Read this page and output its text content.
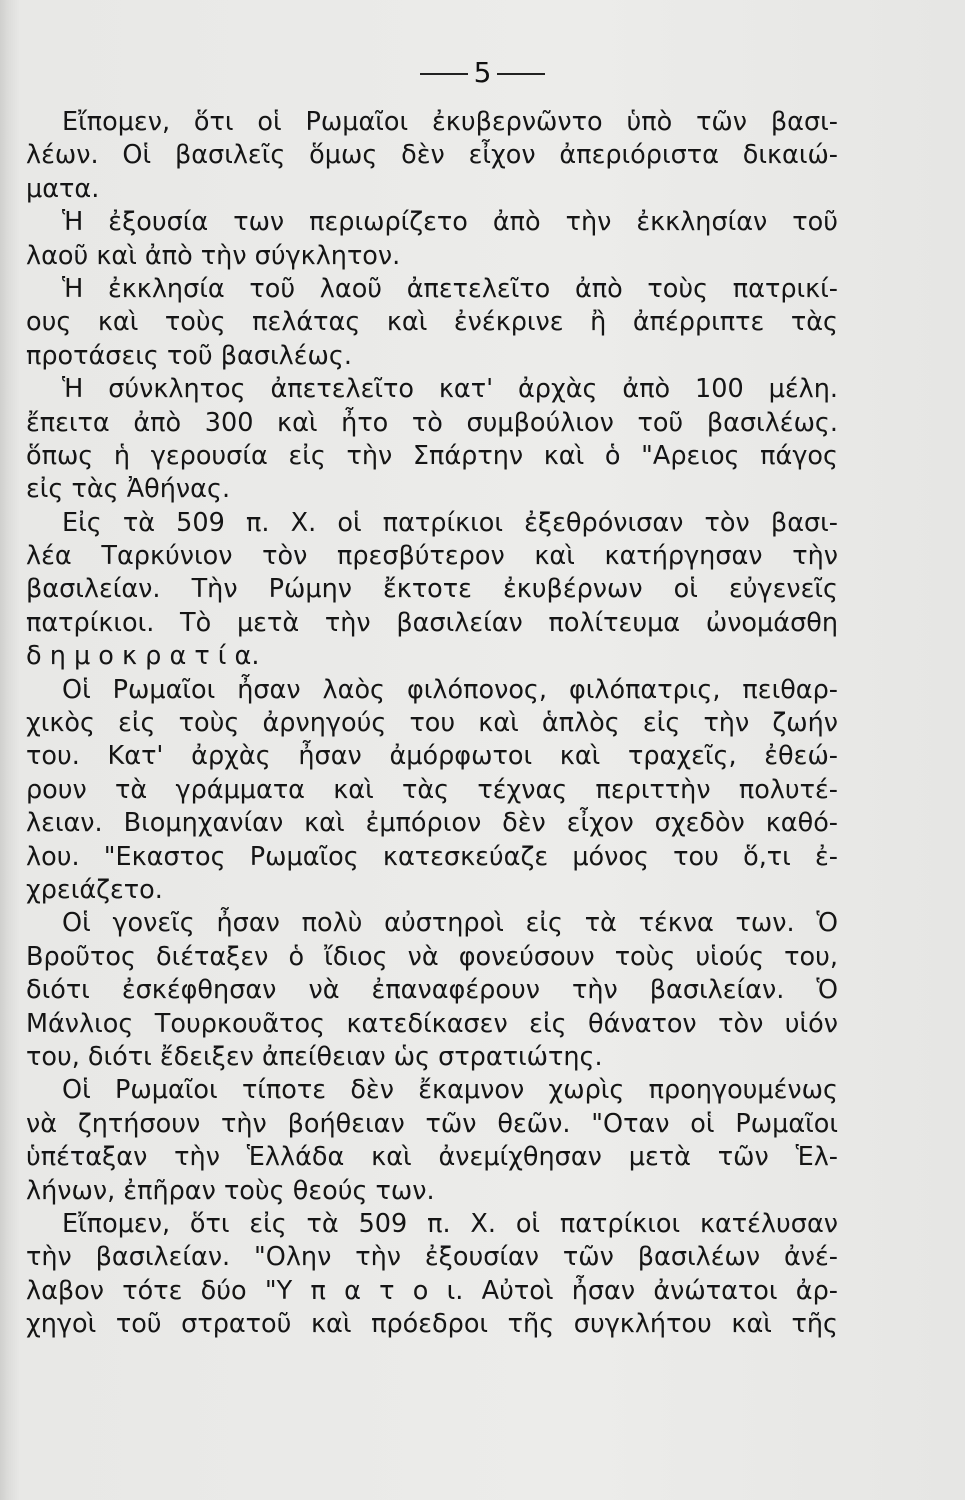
5
Εἴπομεν, ὅτι οἱ Ρωμαῖοι ἐκυβερνῶντο ὑπὸ τῶν βασι-
λέων. Οἱ βασιλεῖς ὅμως δὲν εἶχον ἀπεριόριστα δικαιώ-
ματα.
Ἡ ἐξουσία των περιωρίζετο ἀπὸ τὴν ἐκκλησίαν τοῦ
λαοῦ καὶ ἀπὸ τὴν σύγκλητον.
Ἡ ἐκκλησία τοῦ λαοῦ ἀπετελεῖτο ἀπὸ τοὺς πατρικί-
ους καὶ τοὺς πελάτας καὶ ἐνέκρινε ἢ ἀπέρριπτε τὰς
προτάσεις τοῦ βασιλέως.
Ἡ σύνκλητος ἀπετελεῖτο κατ' ἀρχὰς ἀπὸ 100 μέλη.
ἔπειτα ἀπὸ 300 καὶ ἦτο τὸ συμβούλιον τοῦ βασιλέως.
ὅπως ἡ γερουσία εἰς τὴν Σπάρτην καὶ ὁ "Αρειος πάγος
εἰς τὰς Ἀθήνας.
Εἰς τὰ 509 π. Χ. οἱ πατρίκιοι ἐξεθρόνισαν τὸν βασι-
λέα Ταρκύνιον τὸν πρεσβύτερον καὶ κατήργησαν τὴν
βασιλείαν. Τὴν Ρώμην ἔκτοτε ἐκυβέρνων οἱ εὐγενεῖς
πατρίκιοι. Τὸ μετὰ τὴν βασιλείαν πολίτευμα ὠνομάσθη
δ η μ ο κ ρ α τ ί α.
Οἱ Ρωμαῖοι ἦσαν λαὸς φιλόπονος, φιλόπατρις, πειθαρ-
χικὸς εἰς τοὺς ἀρνηγούς του καὶ ἁπλὸς εἰς τὴν ζωήν
του. Κατ' ἀρχὰς ἦσαν ἀμόρφωτοι καὶ τραχεῖς, ἐθεώ-
ρουν τὰ γράμματα καὶ τὰς τέχνας περιττὴν πολυτέ-
λειαν. Βιομηχανίαν καὶ ἐμπόριον δὲν εἶχον σχεδὸν καθό-
λου. "Εκαστος Ρωμαῖος κατεσκεύαζε μόνος του ὅ,τι ἐ-
χρειάζετο.
Οἱ γονεῖς ἦσαν πολὺ αὐστηροὶ εἰς τὰ τέκνα των. Ὁ
Βροῦτος διέταξεν ὁ ἴδιος νὰ φονεύσουν τοὺς υἱούς του,
διότι ἐσκέφθησαν νὰ ἐπαναφέρουν τὴν βασιλείαν. Ὁ
Μάνλιος Τουρκουᾶτος κατεδίκασεν εἰς θάνατον τὸν υἱόν
του, διότι ἔδειξεν ἀπείθειαν ὡς στρατιώτης.
Οἱ Ρωμαῖοι τίποτε δὲν ἔκαμνον χωρὶς προηγουμένως
νὰ ζητήσουν τὴν βοήθειαν τῶν θεῶν. "Οταν οἱ Ρωμαῖοι
ὑπέταξαν τὴν Ἑλλάδα καὶ ἀνεμίχθησαν μετὰ τῶν Ἑλ-
λήνων, ἐπῆραν τοὺς θεούς των.
Εἴπομεν, ὅτι εἰς τὰ 509 π. Χ. οἱ πατρίκιοι κατέλυσαν
τὴν βασιλείαν. "Ολην τὴν ἐξουσίαν τῶν βασιλέων ἀνέ-
λαβον τότε δύο "Υ π α τ ο ι. Αὐτοὶ ἦσαν ἀνώτατοι ἀρ-
χηγοὶ τοῦ στρατοῦ καὶ πρόεδροι τῆς συγκλήτου καὶ τῆς
